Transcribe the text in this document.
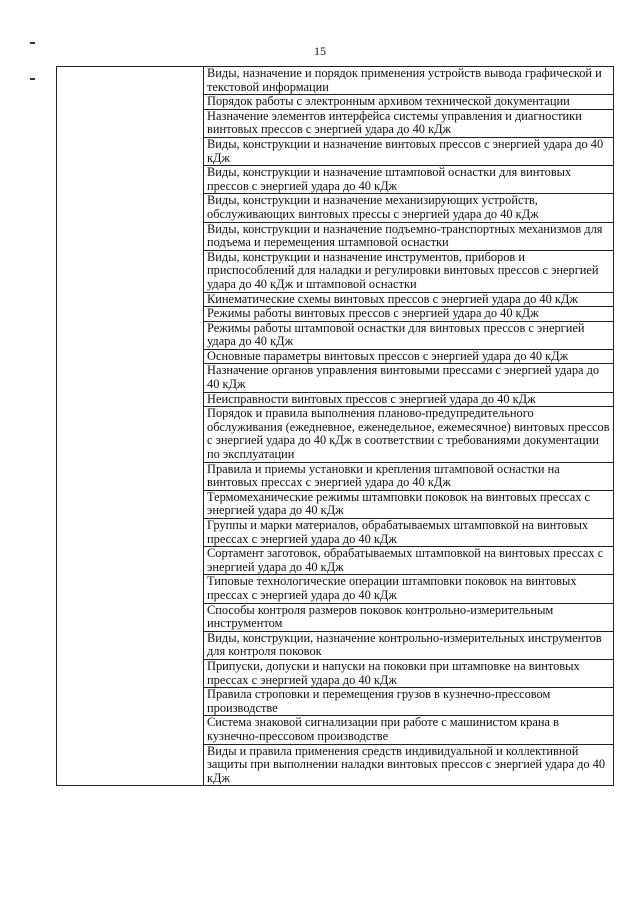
15

Виды, назначение и порядок применения устройств вывода графической и текстовой информации

Порядок работы с электронным архивом технической документации

Назначение элементов интерфейса системы управления и диагностики винтовых прессов с энергией удара до 40 кДж

Виды, конструкции и назначение винтовых прессов с энергией удара до 40 кДж

Виды, конструкции и назначение штамповой оснастки для винтовых прессов с энергией удара до 40 кДж

Виды, конструкции и назначение механизирующих устройств, обслуживающих винтовых прессы с энергией удара до 40 кДж

Виды, конструкции и назначение подъемно-транспортных механизмов для подъема и перемещения штамповой оснастки

Виды, конструкции и назначение инструментов, приборов и приспособлений для наладки и регулировки винтовых прессов с энергией удара до 40 кДж и штамповой оснастки

Кинематические схемы винтовых прессов с энергией удара до 40 кДж

Режимы работы винтовых прессов с энергией удара до 40 кДж

Режимы работы штамповой оснастки для винтовых прессов с энергией удара до 40 кДж

Основные параметры винтовых прессов с энергией удара до 40 кДж

Назначение органов управления винтовыми прессами с энергией удара до 40 кДж

Неисправности винтовых прессов с энергией удара до 40 кДж

Порядок и правила выполнения планово-предупредительного обслуживания (ежедневное, еженедельное, ежемесячное) винтовых прессов с энергией удара до 40 кДж в соответствии с требованиями документации по эксплуатации

Правила и приемы установки и крепления штамповой оснастки на винтовых прессах с энергией удара до 40 кДж

Термомеханические режимы штамповки поковок на винтовых прессах с энергией удара до 40 кДж

Группы и марки материалов, обрабатываемых штамповкой на винтовых прессах с энергией удара до 40 кДж

Сортамент заготовок, обрабатываемых штамповкой на винтовых прессах с энергией удара до 40 кДж

Типовые технологические операции штамповки поковок на винтовых прессах с энергией удара до 40 кДж

Способы контроля размеров поковок контрольно-измерительным инструментом

Виды, конструкции, назначение контрольно-измерительных инструментов для контроля поковок

Припуски, допуски и напуски на поковки при штамповке на винтовых прессах с энергией удара до 40 кДж

Правила строповки и перемещения грузов в кузнечно-прессовом производстве

Система знаковой сигнализации при работе с машинистом крана в кузнечно-прессовом производстве

Виды и правила применения средств индивидуальной и коллективной защиты при выполнении наладки винтовых прессов с энергией удара до 40 кДж
